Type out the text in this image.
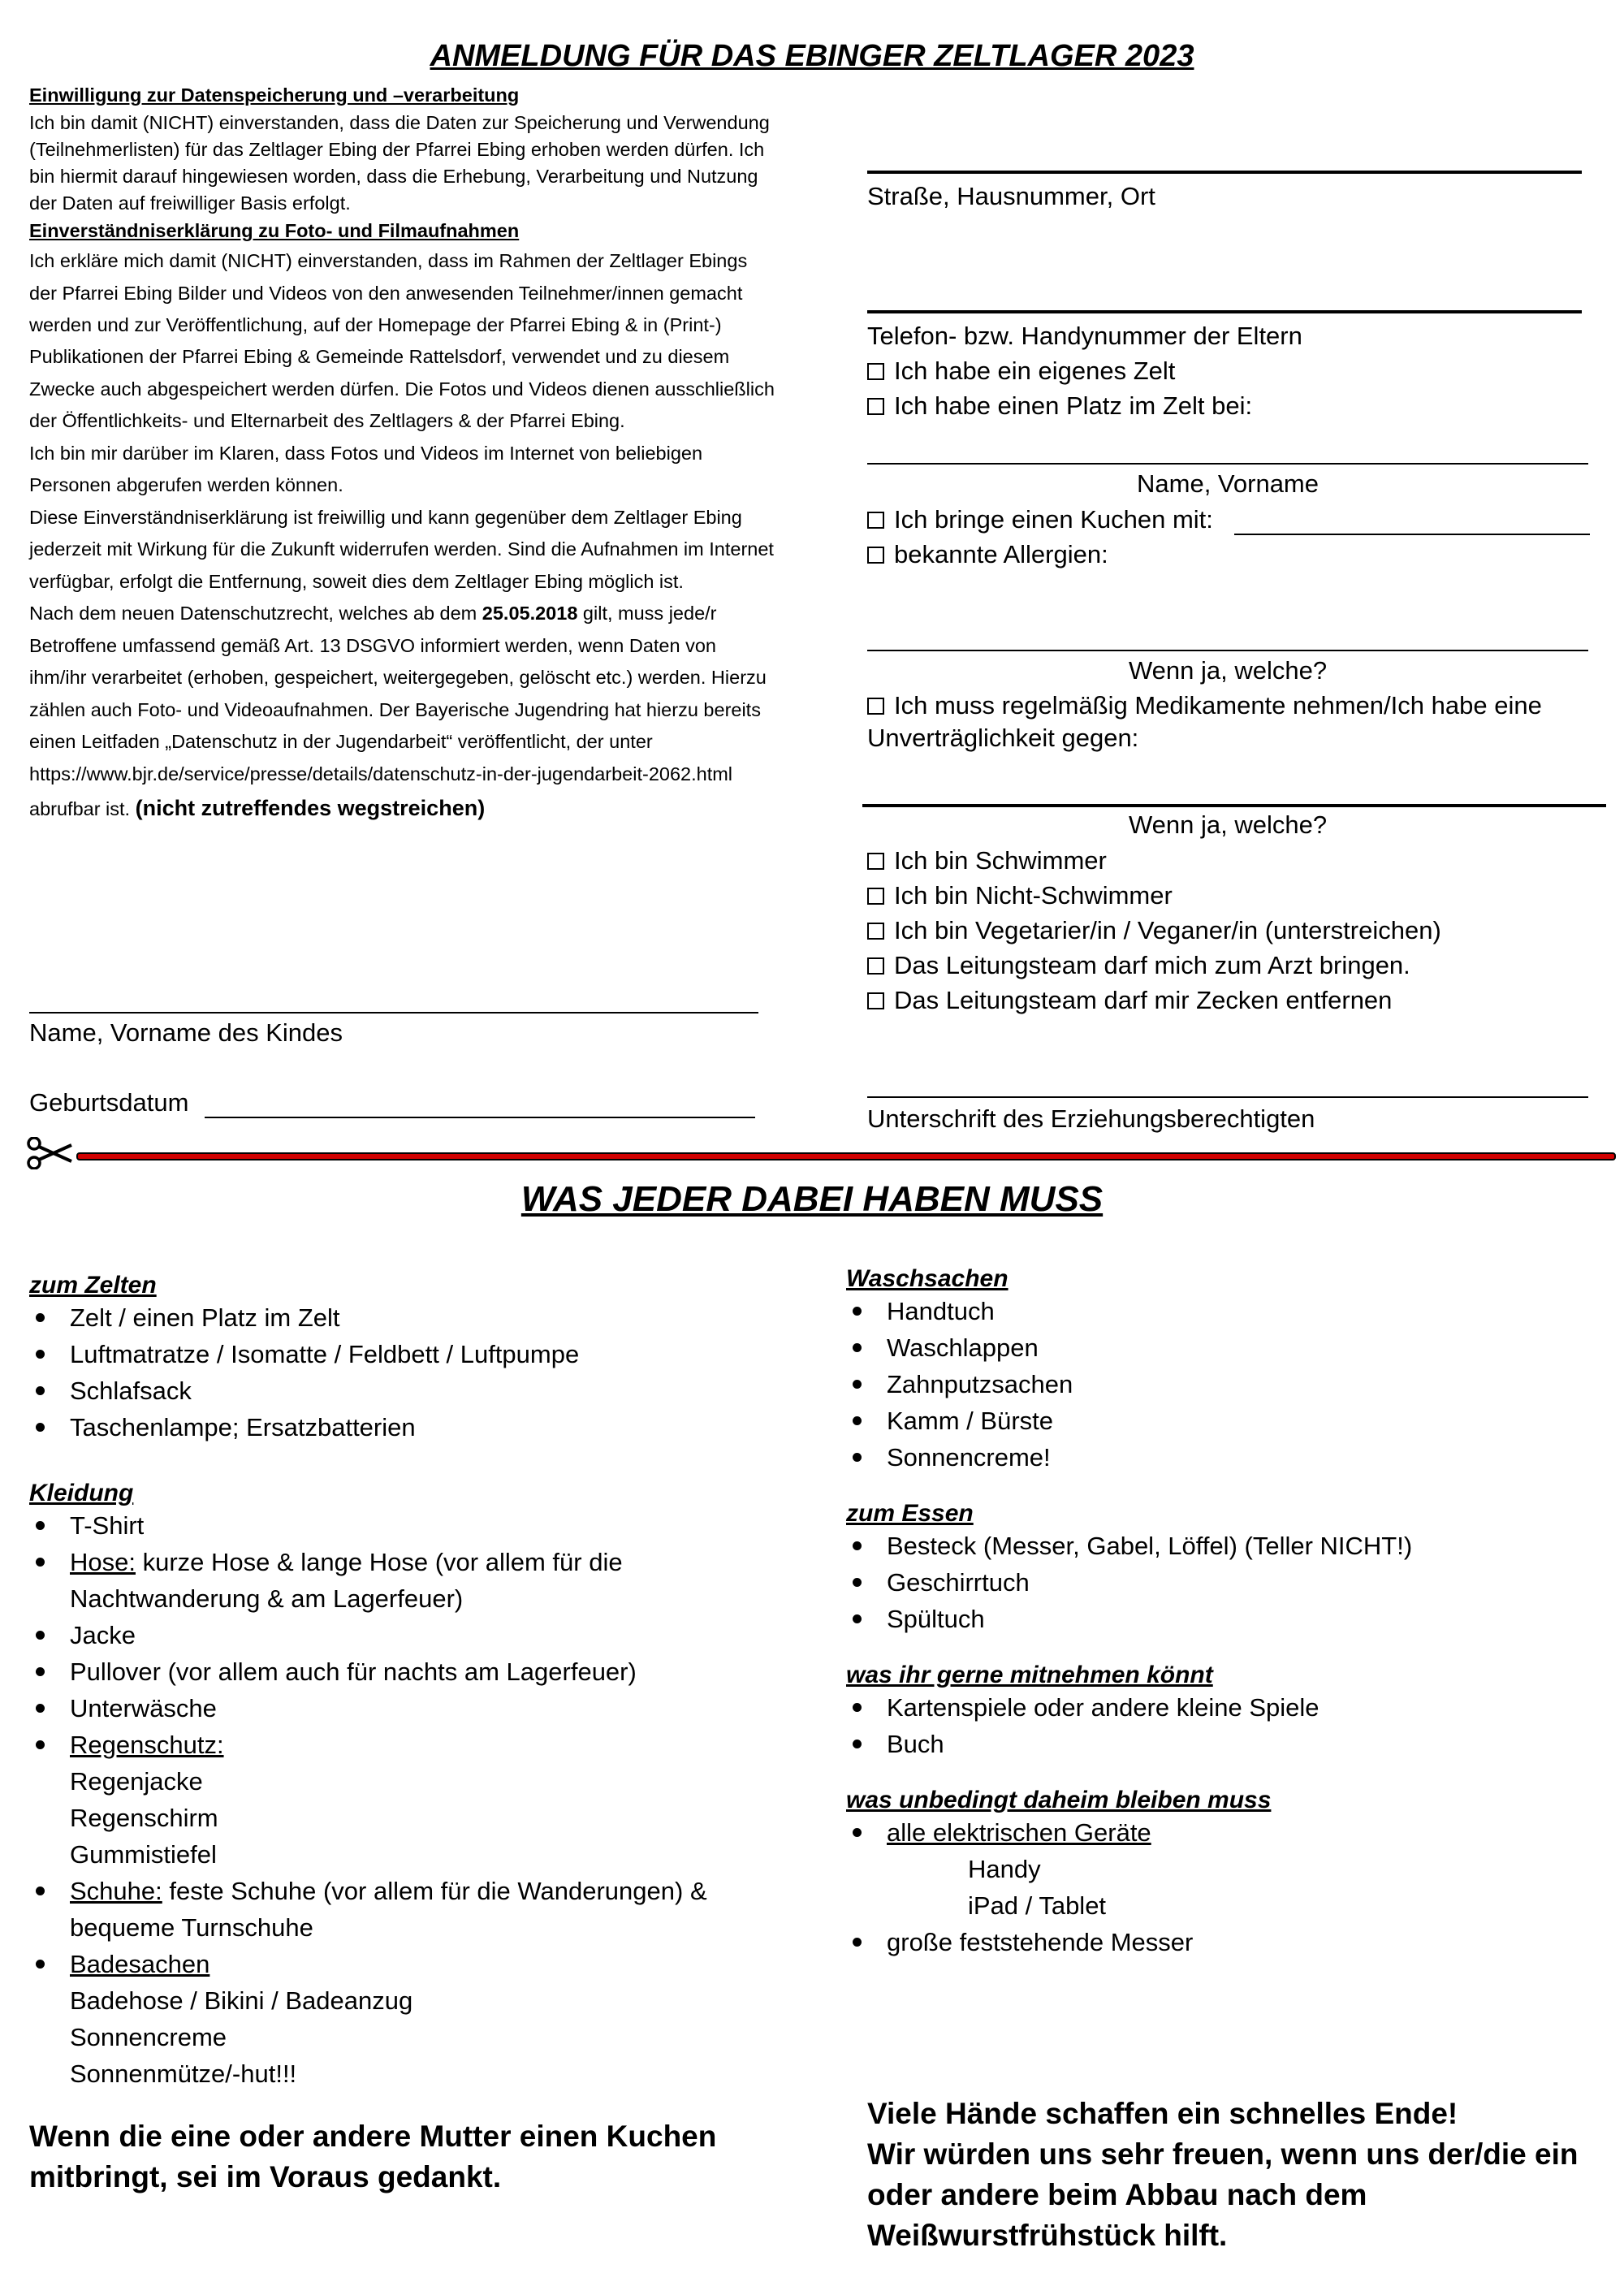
ANMELDUNG FÜR DAS EBINGER ZELTLAGER 2023
Einwilligung zur Datenspeicherung und –verarbeitung
Ich bin damit (NICHT) einverstanden, dass die Daten zur Speicherung und Verwendung (Teilnehmerlisten) für das Zeltlager Ebing der Pfarrei Ebing erhoben werden dürfen. Ich bin hiermit darauf hingewiesen worden, dass die Erhebung, Verarbeitung und Nutzung der Daten auf freiwilliger Basis erfolgt.
Einverständniserklärung zu Foto- und Filmaufnahmen
Ich erkläre mich damit (NICHT) einverstanden, dass im Rahmen der Zeltlager Ebings der Pfarrei Ebing Bilder und Videos von den anwesenden Teilnehmer/innen gemacht werden und zur Veröffentlichung, auf der Homepage der Pfarrei Ebing & in (Print-) Publikationen der Pfarrei Ebing & Gemeinde Rattelsdorf, verwendet und zu diesem Zwecke auch abgespeichert werden dürfen. Die Fotos und Videos dienen ausschließlich der Öffentlichkeits- und Elternarbeit des Zeltlagers & der Pfarrei Ebing.
Ich bin mir darüber im Klaren, dass Fotos und Videos im Internet von beliebigen Personen abgerufen werden können.
Diese Einverständniserklärung ist freiwillig und kann gegenüber dem Zeltlager Ebing jederzeit mit Wirkung für die Zukunft widerrufen werden. Sind die Aufnahmen im Internet verfügbar, erfolgt die Entfernung, soweit dies dem Zeltlager Ebing möglich ist.
Nach dem neuen Datenschutzrecht, welches ab dem 25.05.2018 gilt, muss jede/r Betroffene umfassend gemäß Art. 13 DSGVO informiert werden, wenn Daten von ihm/ihr verarbeitet (erhoben, gespeichert, weitergegeben, gelöscht etc.) werden. Hierzu zählen auch Foto- und Videoaufnahmen. Der Bayerische Jugendring hat hierzu bereits einen Leitfaden „Datenschutz in der Jugendarbeit“ veröffentlicht, der unter https://www.bjr.de/service/presse/details/datenschutz-in-der-jugendarbeit-2062.html abrufbar ist. (nicht zutreffendes wegstreichen)
Name, Vorname des Kindes
Geburtsdatum
Straße, Hausnummer, Ort
Telefon- bzw. Handynummer der Eltern
Ich habe ein eigenes Zelt
Ich habe einen Platz im Zelt bei:
Name, Vorname
Ich bringe einen Kuchen mit:
bekannte Allergien:
Wenn ja, welche?
Ich muss regelmäßig Medikamente nehmen/Ich habe eine Unverträglichkeit gegen:
Wenn ja, welche?
Ich bin Schwimmer
Ich bin Nicht-Schwimmer
Ich bin Vegetarier/in / Veganer/in (unterstreichen)
Das Leitungsteam darf mich zum Arzt bringen.
Das Leitungsteam darf mir Zecken entfernen
Unterschrift des Erziehungsberechtigten
WAS JEDER DABEI HABEN MUSS
zum Zelten
Zelt / einen Platz im Zelt
Luftmatratze / Isomatte / Feldbett / Luftpumpe
Schlafsack
Taschenlampe; Ersatzbatterien
Kleidung
T-Shirt
Hose: kurze Hose & lange Hose (vor allem für die
Nachtwanderung & am Lagerfeuer)
Jacke
Pullover (vor allem auch für nachts am Lagerfeuer)
Unterwäsche
Regenschutz:
Regenjacke
Regenschirm
Gummistiefel
Schuhe: feste Schuhe (vor allem für die Wanderungen) &
bequeme Turnschuhe
Badesachen
Badehose / Bikini / Badeanzug
Sonnencreme
Sonnenmütze/-hut!!!
Wenn die eine oder andere Mutter einen Kuchen mitbringt, sei im Voraus gedankt.
Waschsachen
Handtuch
Waschlappen
Zahnputzsachen
Kamm / Bürste
Sonnencreme!
zum Essen
Besteck (Messer, Gabel, Löffel) (Teller NICHT!)
Geschirrtuch
Spültuch
was ihr gerne mitnehmen könnt
Kartenspiele oder andere kleine Spiele
Buch
was unbedingt daheim bleiben muss
alle elektrischen Geräte
Handy
iPad / Tablet
große feststehende Messer
Viele Hände schaffen ein schnelles Ende!
Wir würden uns sehr freuen, wenn uns der/die ein oder andere beim Abbau nach dem Weißwurstfrühstück hilft.
